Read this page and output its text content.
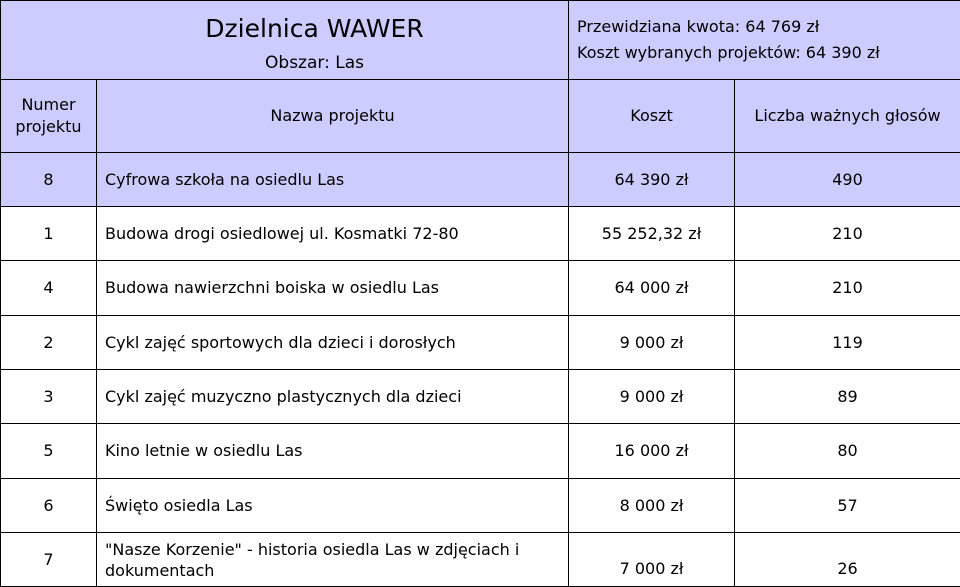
Dzielnica WAWER
Obszar: Las		Przewidziana kwota: 64 769 zł
Koszt wybranych projektów: 64 390 zł	

Numer projektu	Nazwa projektu	Koszt	Liczba ważnych głosów
8	Cyfrowa szkoła na osiedlu Las	64 390 zł	490
1	Budowa drogi osiedlowej ul. Kosmatki 72-80	55 252,32 zł	210
4	Budowa nawierzchni boiska w osiedlu Las	64 000 zł	210
2	Cykl zajęć sportowych dla dzieci i dorosłych	9 000 zł	119
3	Cykl zajęć muzyczno plastycznych dla dzieci	9 000 zł	89
5	Kino letnie w osiedlu Las	16 000 zł	80
6	Święto osiedla Las	8 000 zł	57
7	"Nasze Korzenie" - historia osiedla Las w zdjęciach i dokumentach	7 000 zł	26
